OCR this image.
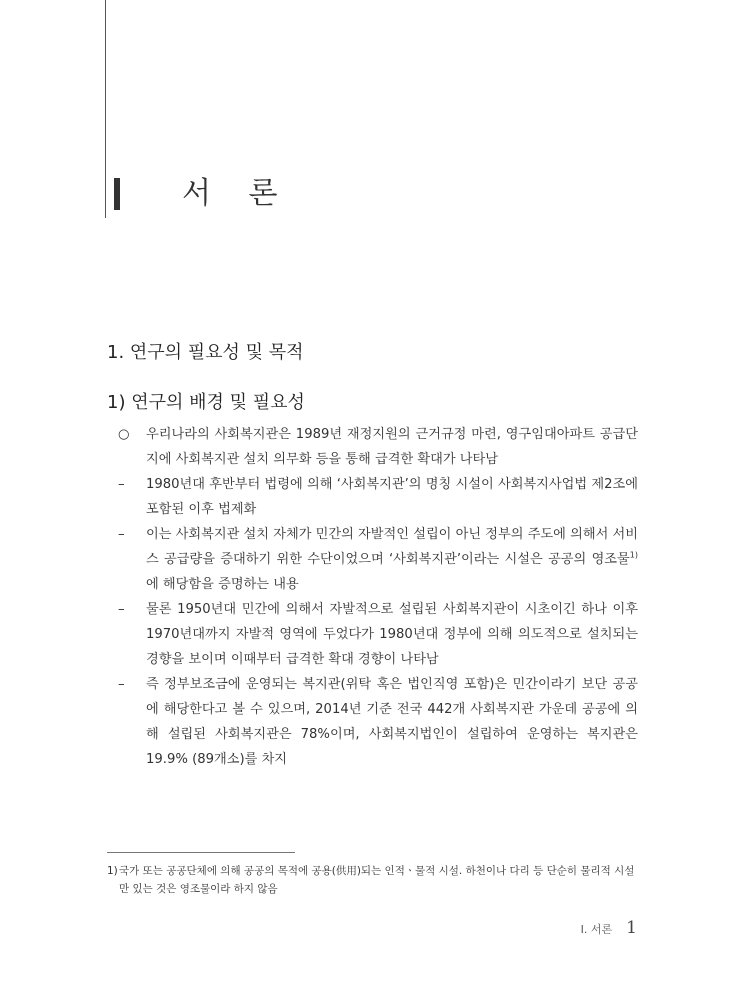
서 론
1. 연구의 필요성 및 목적
1) 연구의 배경 및 필요성
○	우리나라의 사회복지관은 1989년 재정지원의 근거규정 마련, 영구임대아파트 공급단지에 사회복지관 설치 의무화 등을 통해 급격한 확대가 나타남
–	1980년대 후반부터 법령에 의해 ‘사회복지관’의 명칭 시설이 사회복지사업법 제2조에 포함된 이후 법제화
–	이는 사회복지관 설치 자체가 민간의 자발적인 설립이 아닌 정부의 주도에 의해서 서비스 공급량을 증대하기 위한 수단이었으며 ‘사회복지관’이라는 시설은 공공의 영조물$^{1)}$에 해당함을 증명하는 내용
–	물론 1950년대 민간에 의해서 자발적으로 설립된 사회복지관이 시초이긴 하나 이후 1970년대까지 자발적 영역에 두었다가 1980년대 정부에 의해 의도적으로 설치되는 경향을 보이며 이때부터 급격한 확대 경향이 나타남
–	즉 정부보조금에 운영되는 복지관(위탁 혹은 법인직영 포함)은 민간이라기 보단 공공에 해당한다고 볼 수 있으며, 2014년 기준 전국 442개 사회복지관 가운데 공공에 의해 설립된 사회복지관은 78%이며, 사회복지법인이 설립하여 운영하는 복지관은 19.9% (89개소)를 차지
1) 국가 또는 공공단체에 의해 공공의 목적에 공용(供用)되는 인적ㆍ물적 시설. 하천이나 다리 등 단순히 물리적 시설만 있는 것은 영조물이라 하지 않음
Ⅰ. 서론 1
